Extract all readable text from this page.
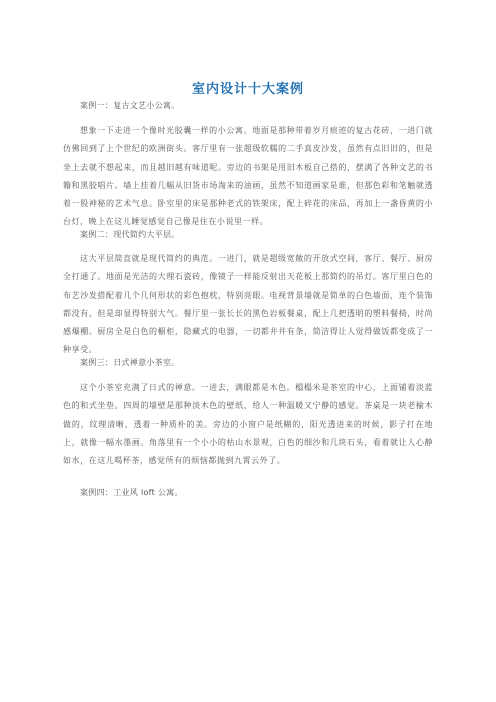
室内设计十大案例
案例一：复古文艺小公寓。

想象一下走进一个像时光胶囊一样的小公寓。地面是那种带着岁月痕迹的复古花砖，一进门就仿佛回到了上个世纪的欧洲街头。客厅里有一张超级软糯的二手真皮沙发，虽然有点旧旧的，但是坐上去就不想起来，而且越旧越有味道呢。旁边的书架是用旧木板自己搭的，摆满了各种文艺的书籍和黑胶唱片。墙上挂着几幅从旧货市场淘来的油画，虽然不知道画家是谁，但那色彩和笔触就透着一股神秘的艺术气息。卧室里的床是那种老式的铁架床，配上碎花的床品，再加上一盏昏黄的小台灯，晚上在这儿睡觉感觉自己像是住在小说里一样。

案例二：现代简约大平层。

这大平层简直就是现代简约的典范。一进门，就是超级宽敞的开放式空间，客厅、餐厅、厨房全打通了。地面是光洁的大理石瓷砖，像镜子一样能反射出天花板上那简约的吊灯。客厅里白色的布艺沙发搭配着几个几何形状的彩色抱枕，特别亮眼。电视背景墙就是简单的白色墙面，连个装饰都没有，但是却显得特别大气。餐厅里一张长长的黑色岩板餐桌，配上几把透明的塑料餐椅，时尚感爆棚。厨房全是白色的橱柜，隐藏式的电器，一切都井井有条，简洁得让人觉得做饭都变成了一种享受。

案例三：日式禅意小茶室。

这个小茶室充满了日式的禅意。一进去，满眼都是木色。榻榻米是茶室的中心，上面铺着淡蓝色的和式坐垫。四周的墙壁是那种淡木色的壁纸，给人一种温暖又宁静的感觉。茶桌是一块老榆木做的，纹理清晰，透着一种质朴的美。旁边的小窗户是纸糊的，阳光透进来的时候，影子打在地上，就像一幅水墨画。角落里有一个小小的枯山水景观，白色的细沙和几块石头，看着就让人心静如水，在这儿喝杯茶，感觉所有的烦恼都抛到九霄云外了。

案例四：工业风 loft 公寓。
